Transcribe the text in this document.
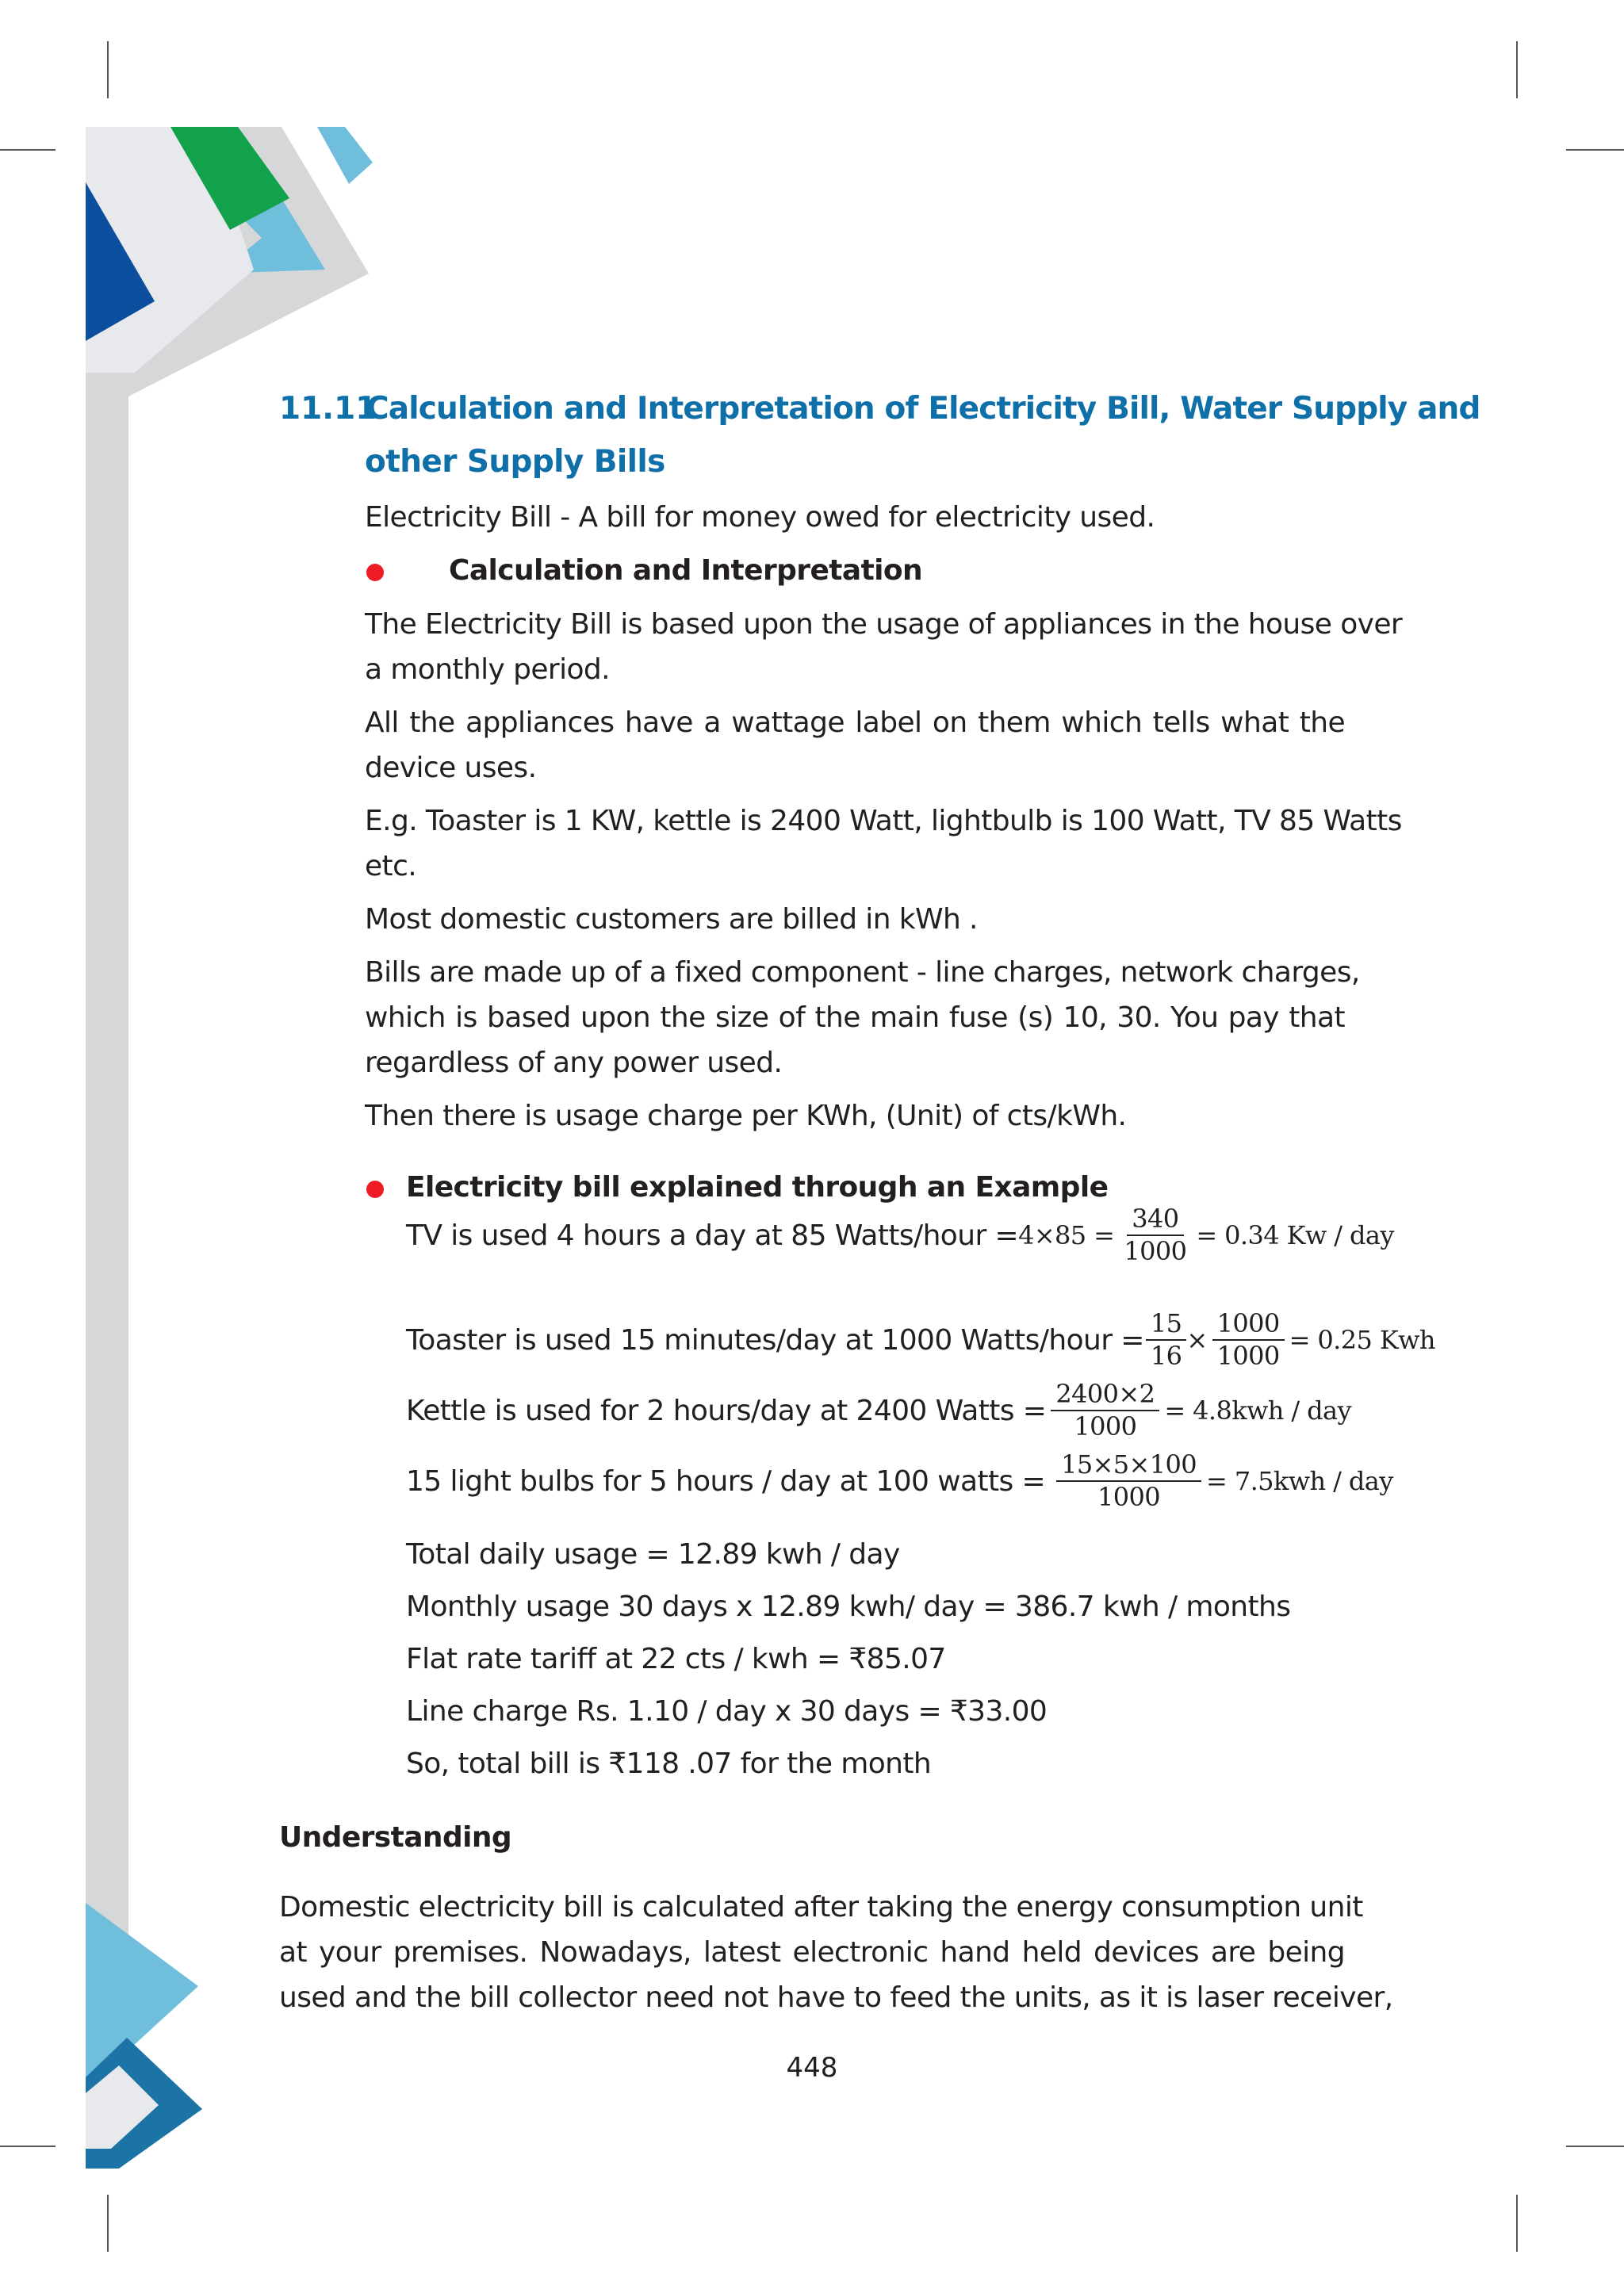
11.11
Calculation and Interpretation of Electricity Bill, Water Supply and
other Supply Bills
Electricity Bill - A bill for money owed for electricity used.
Calculation and Interpretation
The Electricity Bill is based upon the usage of appliances in the house over
a monthly period.
All the appliances have a wattage label on them which tells what the
device uses.
E.g. Toaster is 1 KW, kettle is 2400 Watt, lightbulb is 100 Watt, TV 85 Watts
etc.
Most domestic customers are billed in kWh .
Bills are made up of a fixed component - line charges, network charges,
which is based upon the size of the main fuse (s) 10, 30. You pay that
regardless of any power used.
Then there is usage charge per KWh, (Unit) of cts/kWh.
Electricity bill explained through an Example
TV is used 4 hours a day at 85 Watts/hour = $4\times 85 = \frac{340}{1000} = 0.34$ Kw / day
Toaster is used 15 minutes/day at 1000 Watts/hour = $\frac{15}{16} \times \frac{1000}{1000} = 0.25$ Kwh
Kettle is used for 2 hours/day at 2400 Watts = $\frac{2400\times 2}{1000} = 4.8kwh$ / day
15 light bulbs for 5 hours / day at 100 watts = $\frac{15\times 5\times 100}{1000} = 7.5kwh$ / day
Total daily usage = 12.89 kwh / day
Monthly usage 30 days x 12.89 kwh/ day = 386.7 kwh / months
Flat rate tariff at 22 cts / kwh = ₹85.07
Line charge Rs. 1.10 / day x 30 days = ₹33.00
So, total bill is ₹118 .07 for the month
Understanding
Domestic electricity bill is calculated after taking the energy consumption unit
at your premises. Nowadays, latest electronic hand held devices are being
used and the bill collector need not have to feed the units, as it is laser receiver,
448
